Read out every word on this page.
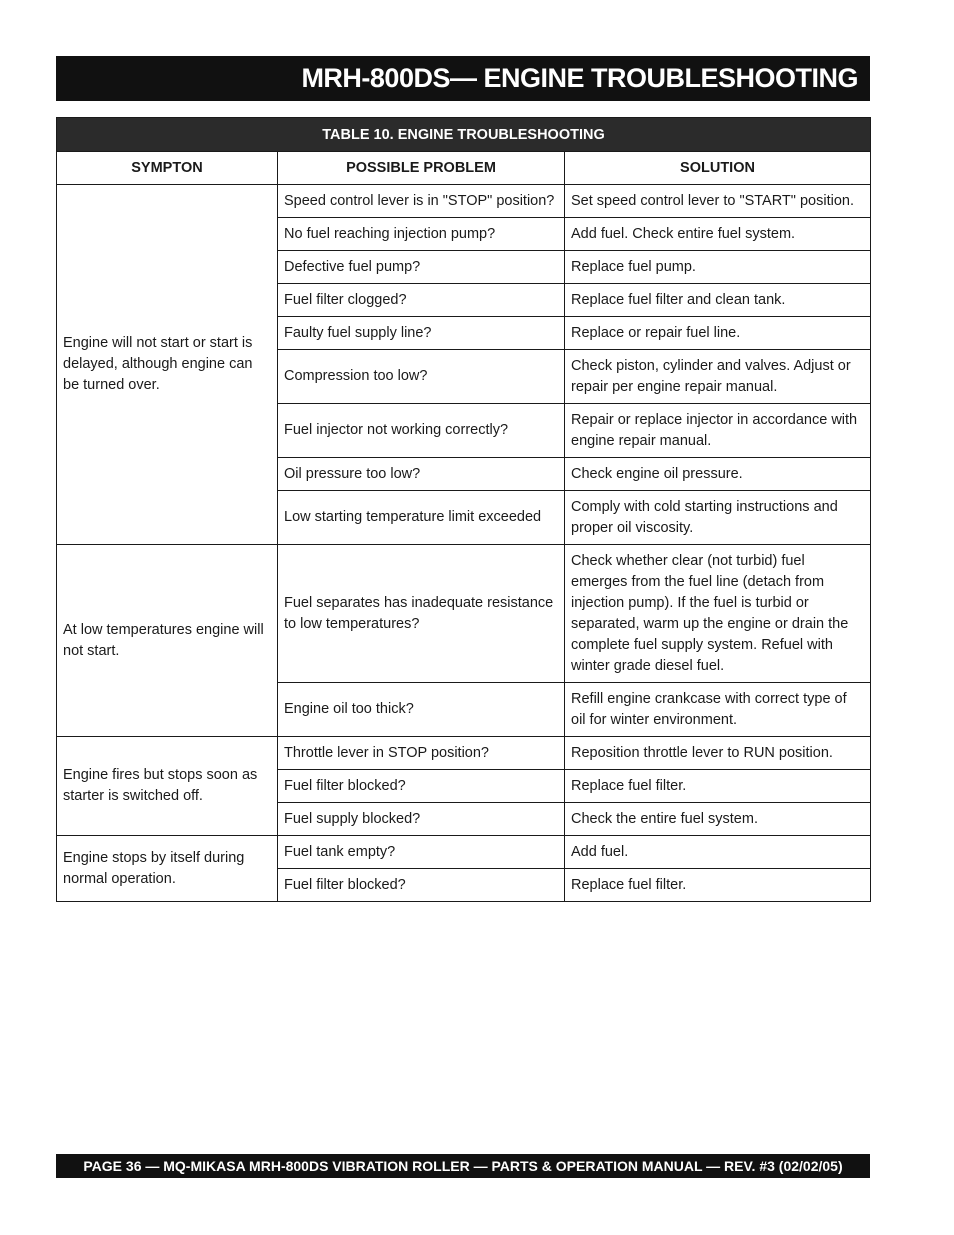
MRH-800DS— ENGINE TROUBLESHOOTING
TABLE 10. ENGINE TROUBLESHOOTING		
SYMPTON	POSSIBLE PROBLEM	SOLUTION
Engine will not start or start is delayed, although engine can be turned over.	Speed control lever is in "STOP" position?	Set speed control lever to "START" position.
	No fuel reaching injection pump?	Add fuel. Check entire fuel system.
	Defective fuel pump?	Replace fuel pump.
	Fuel filter clogged?	Replace fuel filter and clean tank.
	Faulty fuel supply line?	Replace or repair fuel line.
	Compression too low?	Check piston, cylinder and valves. Adjust or repair per engine repair manual.
	Fuel injector not working correctly?	Repair or replace injector in accordance with engine repair manual.
	Oil pressure too low?	Check engine oil pressure.
	Low starting temperature limit exceeded	Comply with cold starting instructions and proper oil viscosity.
At low temperatures engine will not start.	Fuel separates has inadequate resistance to low temperatures?	Check whether clear (not turbid) fuel emerges from the fuel line (detach from injection pump). If the fuel is turbid or separated, warm up the engine or drain the complete fuel supply system. Refuel with winter grade diesel fuel.
	Engine oil too thick?	Refill engine crankcase with correct type of oil for winter environment.
Engine fires but stops soon as starter is switched off.	Throttle lever in STOP position?	Reposition throttle lever to RUN position.
	Fuel filter blocked?	Replace fuel filter.
	Fuel supply blocked?	Check the entire fuel system.
Engine stops by itself during normal operation.	Fuel tank empty?	Add fuel.
	Fuel filter blocked?	Replace fuel filter.
PAGE 36 — MQ-MIKASA MRH-800DS VIBRATION ROLLER — PARTS & OPERATION MANUAL — REV. #3 (02/02/05)
